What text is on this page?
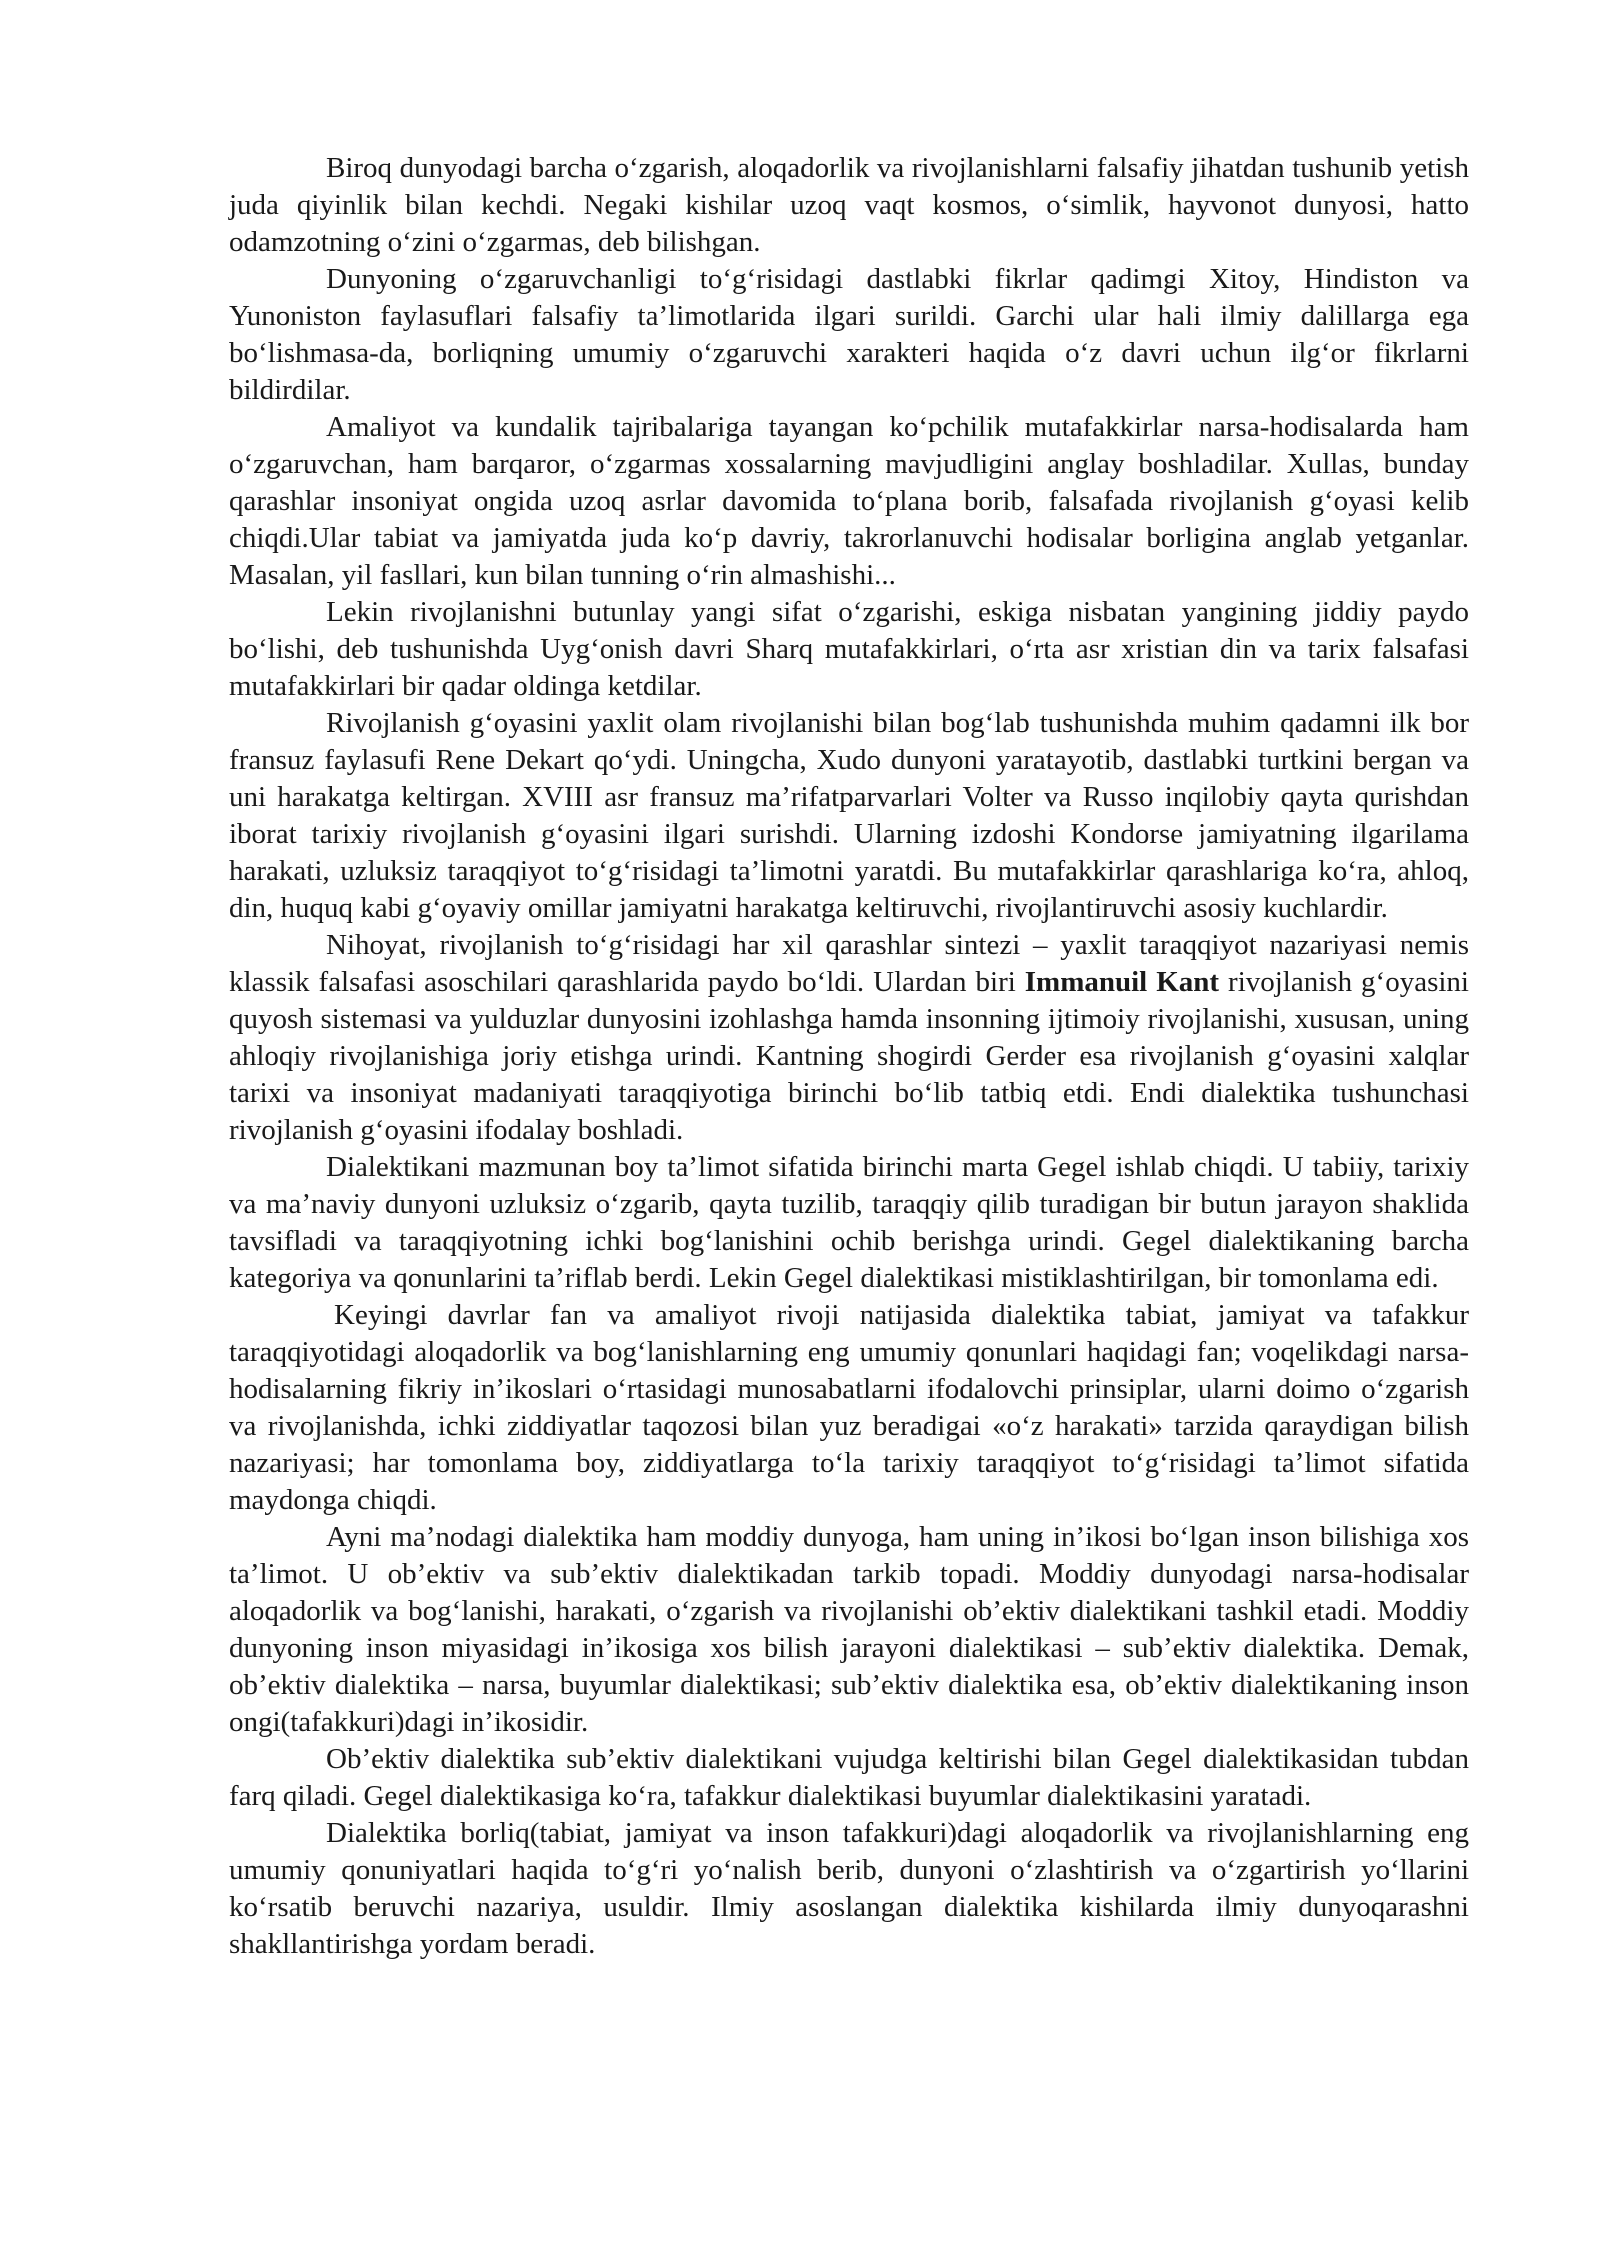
Biroq dunyodagi barcha o‘zgarish, aloqadorlik va rivojlanishlarni falsafiy jihatdan tushunib yetish juda qiyinlik bilan kechdi. Negaki kishilar uzoq vaqt kosmos, o‘simlik, hayvonot dunyosi, hatto odamzotning o‘zini o‘zgarmas, deb bilishgan.

Dunyoning o‘zgaruvchanligi to‘g‘risidagi dastlabki fikrlar qadimgi Xitoy, Hindiston va Yunoniston faylasuflari falsafiy ta’limotlarida ilgari surildi. Garchi ular hali ilmiy dalillarga ega bo‘lishmasa-da, borliqning umumiy o‘zgaruvchi xarakteri haqida o‘z davri uchun ilg‘or fikrlarni bildirdilar.

Amaliyot va kundalik tajribalariga tayangan ko‘pchilik mutafakkirlar narsa-hodisalarda ham o‘zgaruvchan, ham barqaror, o‘zgarmas xossalarning mavjudligini anglay boshladilar. Xullas, bunday qarashlar insoniyat ongida uzoq asrlar davomida to‘plana borib, falsafada rivojlanish g‘oyasi kelib chiqdi.Ular tabiat va jamiyatda juda ko‘p davriy, takrorlanuvchi hodisalar borligina anglab yetganlar. Masalan, yil fasllari, kun bilan tunning o‘rin almashishi...

Lekin rivojlanishni butunlay yangi sifat o‘zgarishi, eskiga nisbatan yangining jiddiy paydo bo‘lishi, deb tushunishda Uyg‘onish davri Sharq mutafakkirlari, o‘rta asr xristian din va tarix falsafasi mutafakkirlari bir qadar oldinga ketdilar.

Rivojlanish g‘oyasini yaxlit olam rivojlanishi bilan bog‘lab tushunishda muhim qadamni ilk bor fransuz faylasufi Rene Dekart qo‘ydi. Uningcha, Xudo dunyoni yaratayotib, dastlabki turtkini bergan va uni harakatga keltirgan. XVIII asr fransuz ma’rifatparvarlari Volter va Russo inqilobiy qayta qurishdan iborat tarixiy rivojlanish g‘oyasini ilgari surishdi. Ularning izdoshi Kondorse jamiyatning ilgarilama harakati, uzluksiz taraqqiyot to‘g‘risidagi ta’limotni yaratdi. Bu mutafakkirlar qarashlariga ko‘ra, ahloq, din, huquq kabi g‘oyaviy omillar jamiyatni harakatga keltiruvchi, rivojlantiruvchi asosiy kuchlardir.

Nihoyat, rivojlanish to‘g‘risidagi har xil qarashlar sintezi – yaxlit taraqqiyot nazariyasi nemis klassik falsafasi asoschilari qarashlarida paydo bo‘ldi. Ulardan biri Immanuil Kant rivojlanish g‘oyasini quyosh sistemasi va yulduzlar dunyosini izohlashga hamda insonning ijtimoiy rivojlanishi, xususan, uning ahloqiy rivojlanishiga joriy etishga urindi. Kantning shogirdi Gerder esa rivojlanish g‘oyasini xalqlar tarixi va insoniyat madaniyati taraqqiyotiga birinchi bo‘lib tatbiq etdi. Endi dialektika tushunchasi rivojlanish g‘oyasini ifodalay boshladi.

Dialektikani mazmunan boy ta’limot sifatida birinchi marta Gegel ishlab chiqdi. U tabiiy, tarixiy va ma’naviy dunyoni uzluksiz o‘zgarib, qayta tuzilib, taraqqiy qilib turadigan bir butun jarayon shaklida tavsifladi va taraqqiyotning ichki bog‘lanishini ochib berishga urindi. Gegel dialektikaning barcha kategoriya va qonunlarini ta’riflab berdi. Lekin Gegel dialektikasi mistiklashtirilgan, bir tomonlama edi.

Keyingi davrlar fan va amaliyot rivoji natijasida dialektika tabiat, jamiyat va tafakkur taraqqiyotidagi aloqadorlik va bog‘lanishlarning eng umumiy qonunlari haqidagi fan; voqelikdagi narsa-hodisalarning fikriy in’ikoslari o‘rtasidagi munosabatlarni ifodalovchi prinsiplar, ularni doimo o‘zgarish va rivojlanishda, ichki ziddiyatlar taqozosi bilan yuz beradigai «o‘z harakati» tarzida qaraydigan bilish nazariyasi; har tomonlama boy, ziddiyatlarga to‘la tarixiy taraqqiyot to‘g‘risidagi ta’limot sifatida maydonga chiqdi.

Ayni ma’nodagi dialektika ham moddiy dunyoga, ham uning in’ikosi bo‘lgan inson bilishiga xos ta’limot. U ob’ektiv va sub’ektiv dialektikadan tarkib topadi. Moddiy dunyodagi narsa-hodisalar aloqadorlik va bog‘lanishi, harakati, o‘zgarish va rivojlanishi ob’ektiv dialektikani tashkil etadi. Moddiy dunyoning inson miyasidagi in’ikosiga xos bilish jarayoni dialektikasi – sub’ektiv dialektika. Demak, ob’ektiv dialektika – narsa, buyumlar dialektikasi; sub’ektiv dialektika esa, ob’ektiv dialektikaning inson ongi(tafakkuri)dagi in’ikosidir.

Ob’ektiv dialektika sub’ektiv dialektikani vujudga keltirishi bilan Gegel dialektikasidan tubdan farq qiladi. Gegel dialektikasiga ko‘ra, tafakkur dialektikasi buyumlar dialektikasini yaratadi.

Dialektika borliq(tabiat, jamiyat va inson tafakkuri)dagi aloqadorlik va rivojlanishlarning eng umumiy qonuniyatlari haqida to‘g‘ri yo‘nalish berib, dunyoni o‘zlashtirish va o‘zgartirish yo‘llarini ko‘rsatib beruvchi nazariya, usuldir. Ilmiy asoslangan dialektika kishilarda ilmiy dunyoqarashni shakllantirishga yordam beradi.
